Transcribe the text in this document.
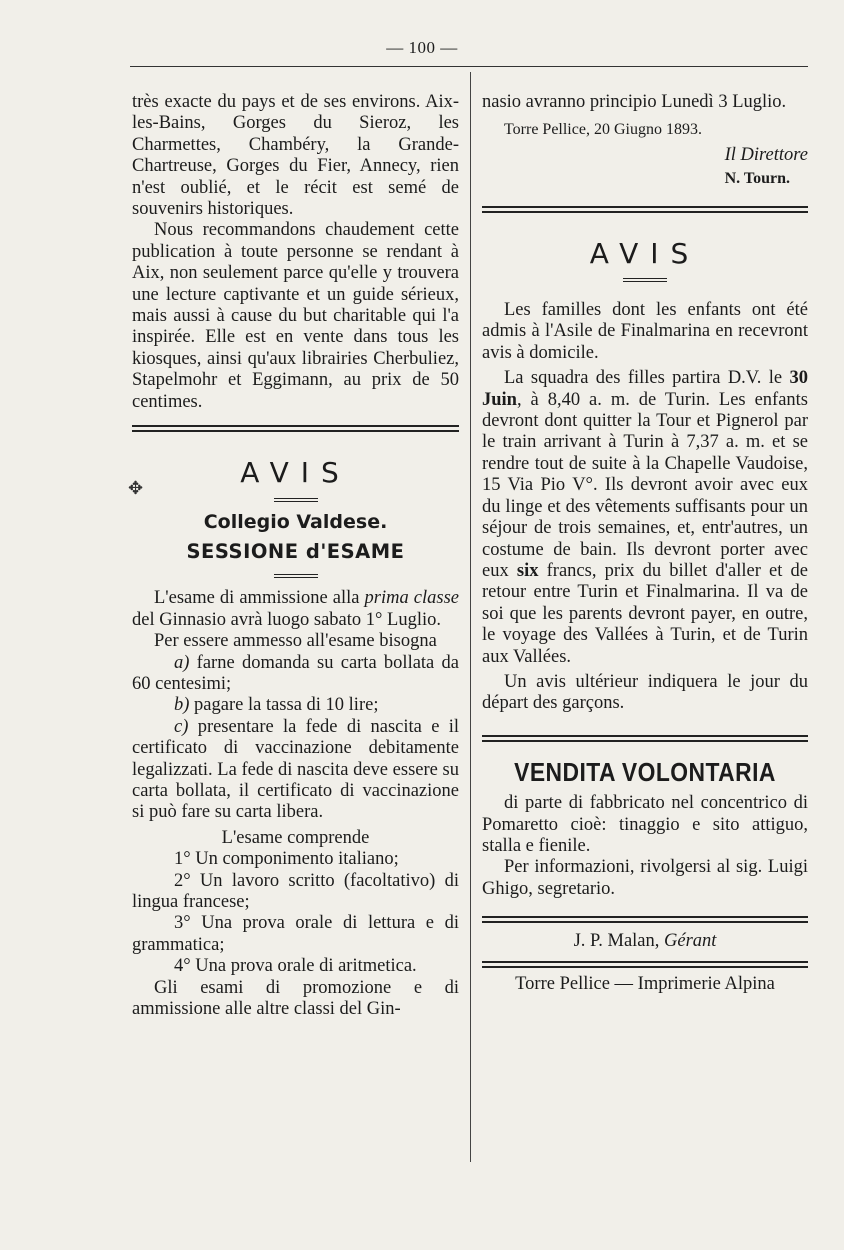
— 100 —
✥

très exacte du pays et de ses environs. Aix-les-Bains, Gorges du Sieroz, les Charmettes, Chambéry, la Grande-Chartreuse, Gorges du Fier, Annecy, rien n'est oublié, et le récit est semé de souvenirs historiques.

Nous recommandons chaudement cette publication à toute personne se rendant à Aix, non seulement parce qu'elle y trouvera une lecture captivante et un guide sérieux, mais aussi à cause du but charitable qui l'a inspirée. Elle est en vente dans tous les kiosques, ainsi qu'aux librairies Cherbuliez, Stapelmohr et Eggimann, au prix de 50 centimes.

AVIS
Collegio Valdese.
SESSIONE d'ESAME

L'esame di ammissione alla prima classe del Ginnasio avrà luogo sabato 1° Luglio.

Per essere ammesso all'esame bisogna

a) farne domanda su carta bollata da 60 centesimi;

b) pagare la tassa di 10 lire;

c) presentare la fede di nascita e il certificato di vaccinazione debitamente legalizzati. La fede di nascita deve essere su carta bollata, il certificato di vaccinazione si può fare su carta libera.

L'esame comprende

1° Un componimento italiano;

2° Un lavoro scritto (facoltativo) di lingua francese;

3° Una prova orale di lettura e di grammatica;

4° Una prova orale di aritmetica.

Gli esami di promozione e di ammissione alle altre classi del Gin-

nasio avranno principio Lunedì 3 Luglio.

Torre Pellice, 20 Giugno 1893.

Il Direttore

N. Tourn.

AVIS

Les familles dont les enfants ont été admis à l'Asile de Finalmarina en recevront avis à domicile.

La squadra des filles partira D.V. le 30 Juin, à 8,40 a. m. de Turin. Les enfants devront dont quitter la Tour et Pignerol par le train arrivant à Turin à 7,37 a. m. et se rendre tout de suite à la Chapelle Vaudoise, 15 Via Pio V°. Ils devront avoir avec eux du linge et des vêtements suffisants pour un séjour de trois semaines, et, entr'autres, un costume de bain. Ils devront porter avec eux six francs, prix du billet d'aller et de retour entre Turin et Finalmarina. Il va de soi que les parents devront payer, en outre, le voyage des Vallées à Turin, et de Turin aux Vallées.

Un avis ultérieur indiquera le jour du départ des garçons.

VENDITA VOLONTARIA

di parte di fabbricato nel concentrico di Pomaretto cioè: tinaggio e sito attiguo, stalla e fienile.

Per informazioni, rivolgersi al sig. Luigi Ghigo, segretario.

J. P. Malan, Gérant

Torre Pellice — Imprimerie Alpina
